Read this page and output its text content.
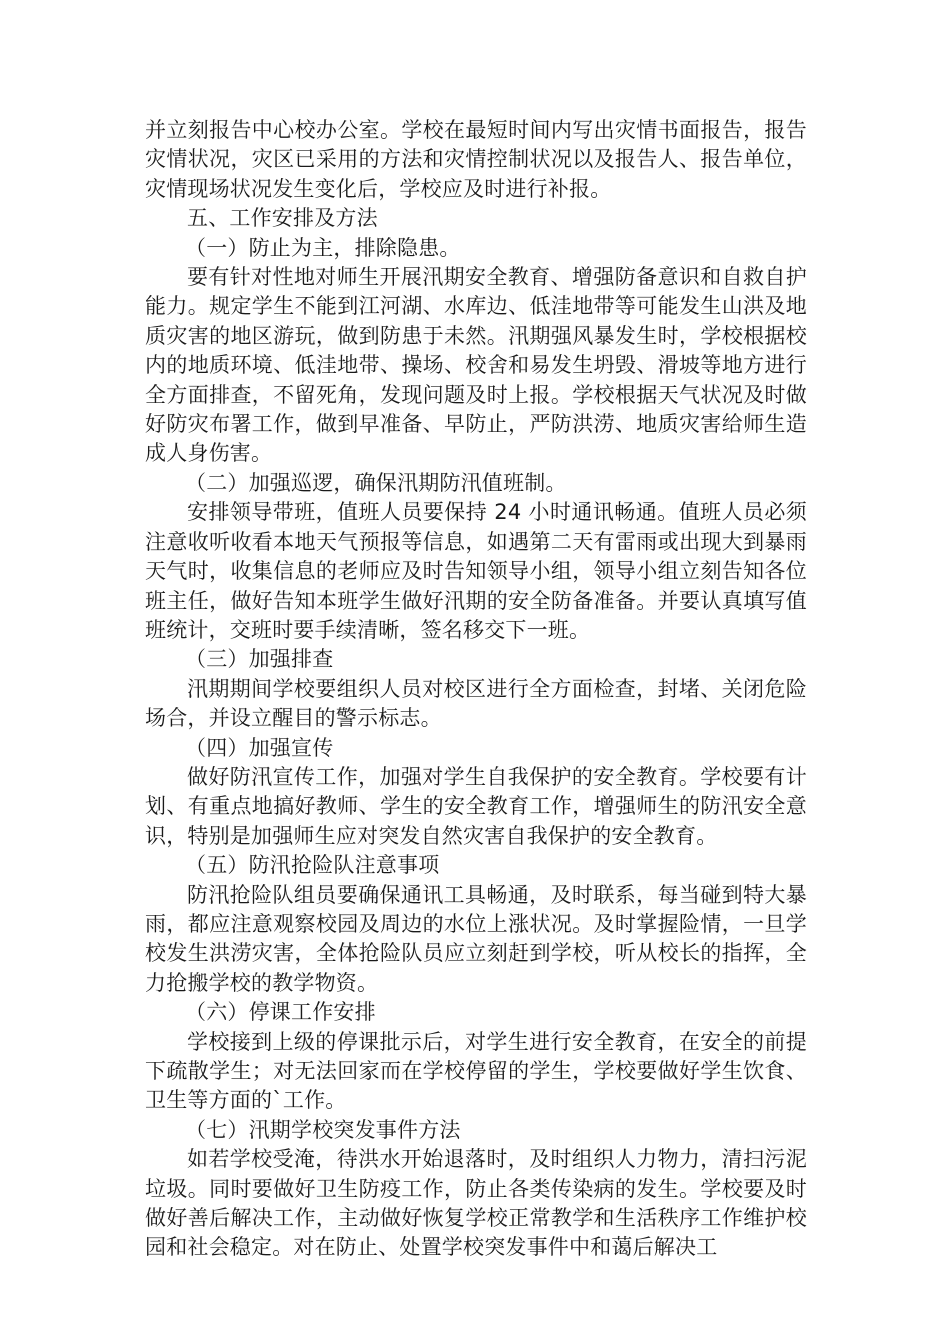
并立刻报告中心校办公室。学校在最短时间内写出灾情书面报告，报告灾情状况，灾区已采用的方法和灾情控制状况以及报告人、报告单位，灾情现场状况发生变化后，学校应及时进行补报。

五、工作安排及方法

（一）防止为主，排除隐患。

要有针对性地对师生开展汛期安全教育、增强防备意识和自救自护能力。规定学生不能到江河湖、水库边、低洼地带等可能发生山洪及地质灾害的地区游玩，做到防患于未然。汛期强风暴发生时，学校根据校内的地质环境、低洼地带、操场、校舍和易发生坍毁、滑坡等地方进行全方面排查，不留死角，发现问题及时上报。学校根据天气状况及时做好防灾布署工作，做到早准备、早防止，严防洪涝、地质灾害给师生造成人身伤害。

（二）加强巡逻，确保汛期防汛值班制。

安排领导带班，值班人员要保持 24 小时通讯畅通。值班人员必须注意收听收看本地天气预报等信息，如遇第二天有雷雨或出现大到暴雨天气时，收集信息的老师应及时告知领导小组，领导小组立刻告知各位班主任，做好告知本班学生做好汛期的安全防备准备。并要认真填写值班统计，交班时要手续清晰，签名移交下一班。

（三）加强排查

汛期期间学校要组织人员对校区进行全方面检查，封堵、关闭危险场合，并设立醒目的警示标志。

（四）加强宣传

做好防汛宣传工作，加强对学生自我保护的安全教育。学校要有计划、有重点地搞好教师、学生的安全教育工作，增强师生的防汛安全意识，特别是加强师生应对突发自然灾害自我保护的安全教育。

（五）防汛抢险队注意事项

防汛抢险队组员要确保通讯工具畅通，及时联系，每当碰到特大暴雨，都应注意观察校园及周边的水位上涨状况。及时掌握险情，一旦学校发生洪涝灾害，全体抢险队员应立刻赶到学校，听从校长的指挥，全力抢搬学校的教学物资。

（六）停课工作安排

学校接到上级的停课批示后，对学生进行安全教育，在安全的前提下疏散学生；对无法回家而在学校停留的学生，学校要做好学生饮食、卫生等方面的`工作。

（七）汛期学校突发事件方法

如若学校受淹，待洪水开始退落时，及时组织人力物力，清扫污泥垃圾。同时要做好卫生防疫工作，防止各类传染病的发生。学校要及时做好善后解决工作，主动做好恢复学校正常教学和生活秩序工作维护校园和社会稳定。对在防止、处置学校突发事件中和蔼后解决工
